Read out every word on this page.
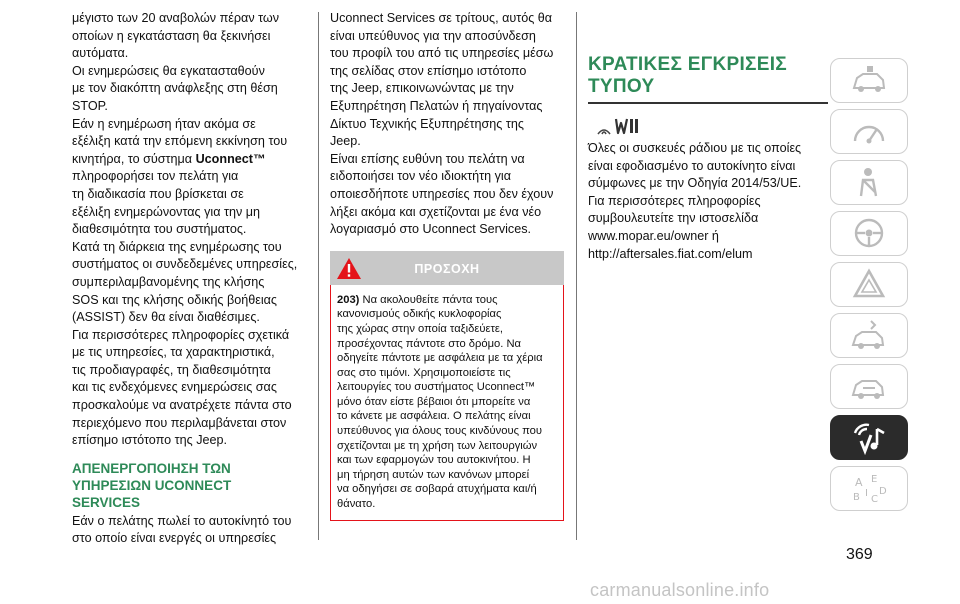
μέγιστο των 20 αναβολών πέραν των
οποίων η εγκατάσταση θα ξεκινήσει
αυτόματα.

Οι ενημερώσεις θα εγκατασταθούν
με τον διακόπτη ανάφλεξης στη θέση
STOP.

Εάν η ενημέρωση ήταν ακόμα σε
εξέλιξη κατά την επόμενη εκκίνηση του
κινητήρα, το σύστημα Uconnect™
πληροφορήσει τον πελάτη για
τη διαδικασία που βρίσκεται σε
εξέλιξη ενημερώνοντας για την μη
διαθεσιμότητα του συστήματος.

Κατά τη διάρκεια της ενημέρωσης του
συστήματος οι συνδεδεμένες υπηρεσίες,
συμπεριλαμβανομένης της κλήσης
SOS και της κλήσης οδικής βοήθειας
(ASSIST) δεν θα είναι διαθέσιμες.

Για περισσότερες πληροφορίες σχετικά
με τις υπηρεσίες, τα χαρακτηριστικά,
τις προδιαγραφές, τη διαθεσιμότητα
και τις ενδεχόμενες ενημερώσεις σας
προσκαλούμε να ανατρέχετε πάντα στο
περιεχόμενο που περιλαμβάνεται στον
επίσημο ιστότοπο της Jeep.

ΑΠΕΝΕΡΓΟΠΟΙΗΣΗ ΤΩΝ
ΥΠΗΡΕΣΙΩΝ UCONNECT
SERVICES

Εάν ο πελάτης πωλεί το αυτοκίνητό του
στο οποίο είναι ενεργές οι υπηρεσίες

Uconnect Services σε τρίτους, αυτός θα
είναι υπεύθυνος για την αποσύνδεση
του προφίλ του από τις υπηρεσίες μέσω
της σελίδας στον επίσημο ιστότοπο
της Jeep, επικοινωνώντας με την
Εξυπηρέτηση Πελατών ή πηγαίνοντας
Δίκτυο Τεχνικής Εξυπηρέτησης της
Jeep.

Είναι επίσης ευθύνη του πελάτη να
ειδοποιήσει τον νέο ιδιοκτήτη για
οποιεσδήποτε υπηρεσίες που δεν έχουν
λήξει ακόμα και σχετίζονται με ένα νέο
λογαριασμό στο Uconnect Services.

ΠΡΟΣΟΧΗ
203) Να ακολουθείτε πάντα τους
κανονισμούς οδικής κυκλοφορίας
της χώρας στην οποία ταξιδεύετε,
προσέχοντας πάντοτε στο δρόμο. Να
οδηγείτε πάντοτε με ασφάλεια με τα χέρια
σας στο τιμόνι. Χρησιμοποιείστε τις
λειτουργίες του συστήματος Uconnect™
μόνο όταν είστε βέβαιοι ότι μπορείτε να
το κάνετε με ασφάλεια. Ο πελάτης είναι
υπεύθυνος για όλους τους κινδύνους που
σχετίζονται με τη χρήση των λειτουργιών
και των εφαρμογών του αυτοκινήτου. Η
μη τήρηση αυτών των κανόνων μπορεί
να οδηγήσει σε σοβαρά ατυχήματα και/ή
θάνατο.
ΚΡΑΤΙΚΕΣ ΕΓΚΡΙΣΕΙΣ
ΤΥΠΟΥ

Όλες οι συσκευές ράδιου με τις οποίες
είναι εφοδιασμένο το αυτοκίνητο είναι
σύμφωνες με την Οδηγία 2014/53/UE.
Για περισσότερες πληροφορίες
συμβουλευτείτε την ιστοσελίδα
www.mopar.eu/owner ή
http://aftersales.fiat.com/elum

A E
B I
C
D
369
carmanualsonline.info
